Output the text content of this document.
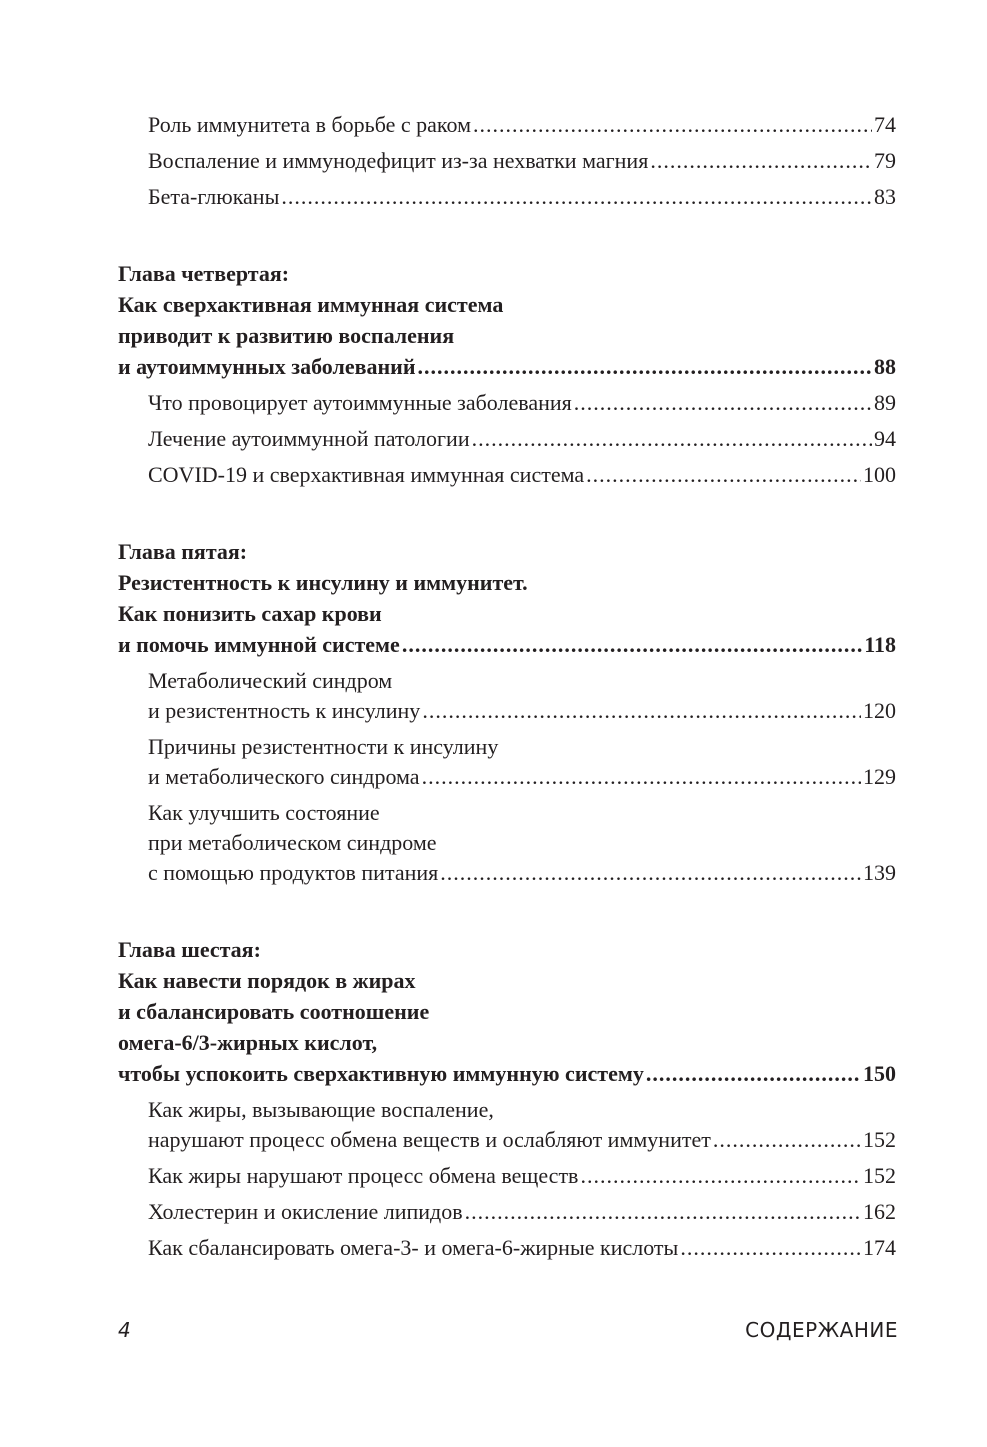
Роль иммунитета в борьбе с раком .....	74
Воспаление и иммунодефицит из-за нехватки магния .....	79
Бета-глюканы .....	83
Глава четвертая:
Как сверхактивная иммунная система
приводит к развитию воспаления
и аутоиммунных заболеваний .....	88
Что провоцирует аутоиммунные заболевания .....	89
Лечение аутоиммунной патологии .....	94
COVID-19 и сверхактивная иммунная система .....	100
Глава пятая:
Резистентность к инсулину и иммунитет.
Как понизить сахар крови
и помочь иммунной системе .....	118
Метаболический синдром
и резистентность к инсулину .....	120
Причины резистентности к инсулину
и метаболического синдрома .....	129
Как улучшить состояние
при метаболическом синдроме
с помощью продуктов питания .....	139
Глава шестая:
Как навести порядок в жирах
и сбалансировать соотношение
омега-6/3-жирных кислот,
чтобы успокоить сверхактивную иммунную систему .....	150
Как жиры, вызывающие воспаление,
нарушают процесс обмена веществ и ослабляют иммунитет .....	152
Как жиры нарушают процесс обмена веществ .....	152
Холестерин и окисление липидов .....	162
Как сбалансировать омега-3- и омега-6-жирные кислоты .....	174
4	СОДЕРЖАНИЕ
